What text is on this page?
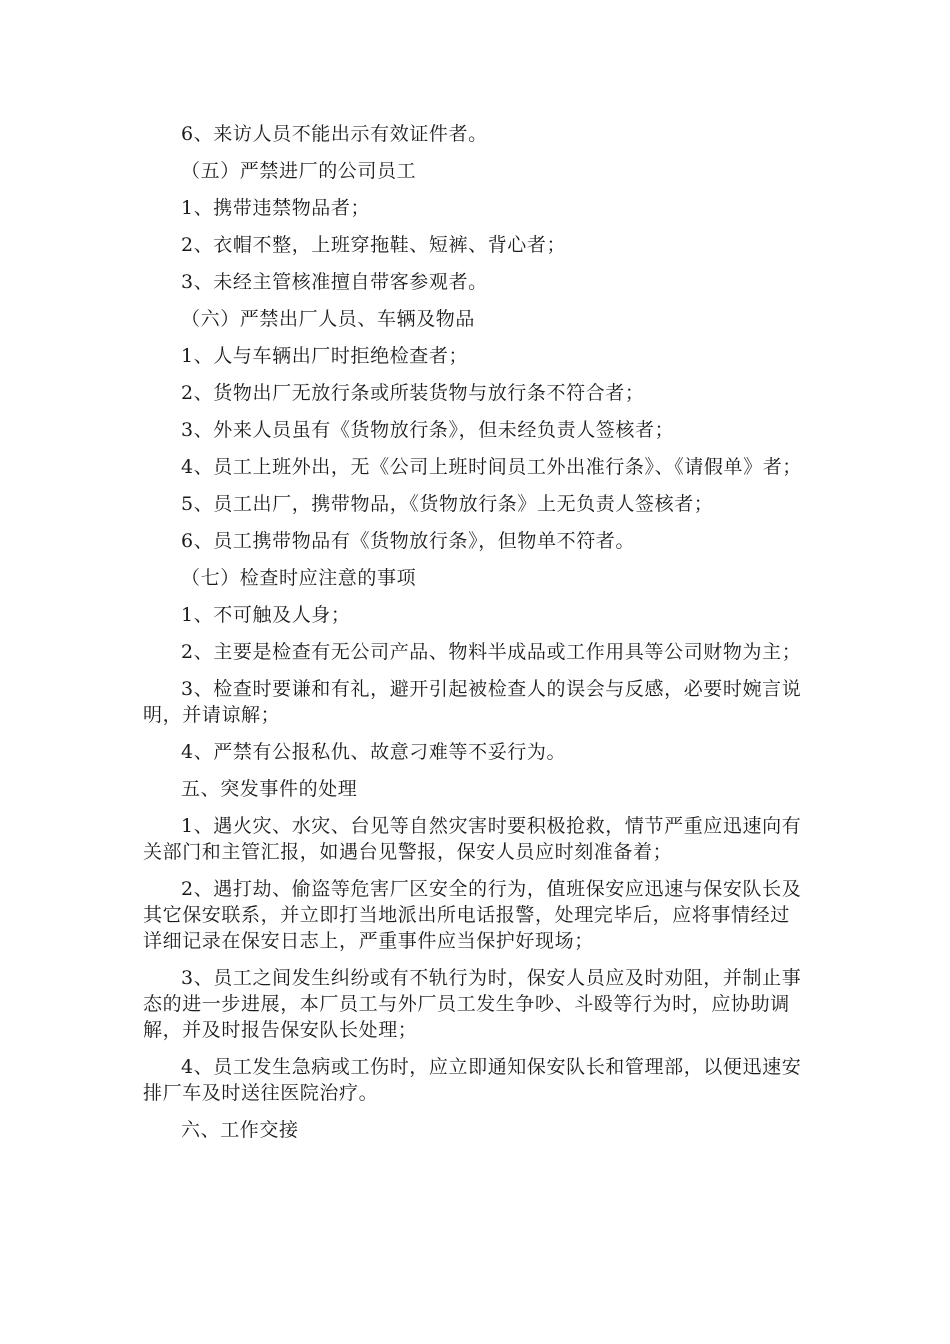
6、来访人员不能出示有效证件者。

（五）严禁进厂的公司员工

1、携带违禁物品者；

2、衣帽不整，上班穿拖鞋、短裤、背心者；

3、未经主管核准擅自带客参观者。

（六）严禁出厂人员、车辆及物品

1、人与车辆出厂时拒绝检查者；

2、货物出厂无放行条或所装货物与放行条不符合者；

3、外来人员虽有《货物放行条》，但未经负责人签核者；

4、员工上班外出，无《公司上班时间员工外出准行条》、《请假单》者；

5、员工出厂，携带物品，《货物放行条》上无负责人签核者；

6、员工携带物品有《货物放行条》，但物单不符者。

（七）检查时应注意的事项

1、不可触及人身；

2、主要是检查有无公司产品、物料半成品或工作用具等公司财物为主；

3、检查时要谦和有礼，避开引起被检查人的误会与反感，必要时婉言说明，并请谅解；

4、严禁有公报私仇、故意刁难等不妥行为。

五、突发事件的处理

1、遇火灾、水灾、台见等自然灾害时要积极抢救，情节严重应迅速向有关部门和主管汇报，如遇台见警报，保安人员应时刻准备着；

2、遇打劫、偷盗等危害厂区安全的行为，值班保安应迅速与保安队长及其它保安联系，并立即打当地派出所电话报警，处理完毕后，应将事情经过详细记录在保安日志上，严重事件应当保护好现场；

3、员工之间发生纠纷或有不轨行为时，保安人员应及时劝阻，并制止事态的进一步进展，本厂员工与外厂员工发生争吵、斗殴等行为时，应协助调解，并及时报告保安队长处理；

4、员工发生急病或工伤时，应立即通知保安队长和管理部，以便迅速安排厂车及时送往医院治疗。

六、工作交接
